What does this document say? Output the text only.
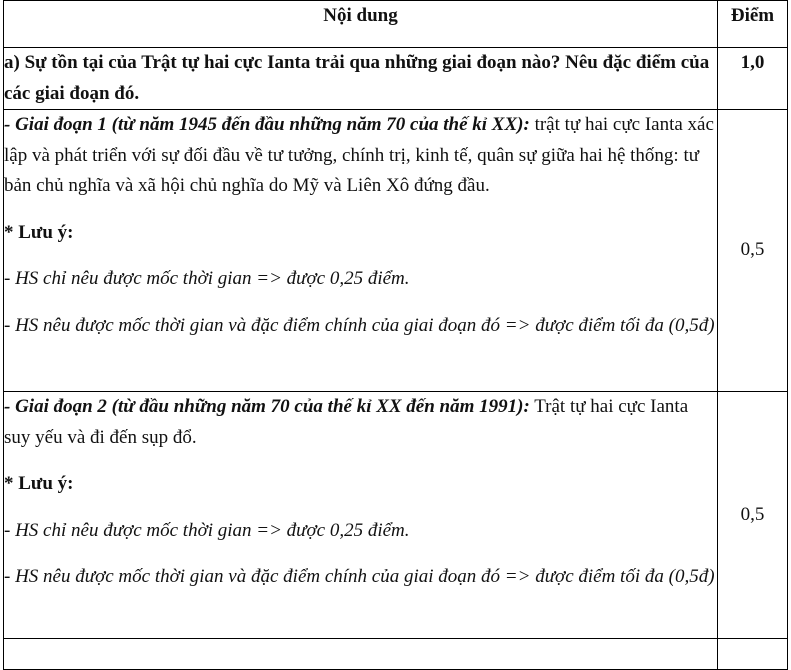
Nội dung	Điểm
a) Sự tồn tại của Trật tự hai cực Ianta trải qua những giai đoạn nào? Nêu đặc điểm của các giai đoạn đó.	1,0

- Giai đoạn 1 (từ năm 1945 đến đầu những năm 70 của thế kỉ XX): trật tự hai cực Ianta xác lập và phát triển với sự đối đầu về tư tưởng, chính trị, kinh tế, quân sự giữa hai hệ thống: tư bản chủ nghĩa và xã hội chủ nghĩa do Mỹ và Liên Xô đứng đầu.

* Lưu ý:

- HS chỉ nêu được mốc thời gian => được 0,25 điểm.

- HS nêu được mốc thời gian và đặc điểm chính của giai đoạn đó => được điểm tối đa (0,5đ)	0,5

- Giai đoạn 2 (từ đầu những năm 70 của thế kỉ XX đến năm 1991): Trật tự hai cực Ianta suy yếu và đi đến sụp đổ.

* Lưu ý:

- HS chỉ nêu được mốc thời gian => được 0,25 điểm.

- HS nêu được mốc thời gian và đặc điểm chính của giai đoạn đó => được điểm tối đa (0,5đ)	0,5
